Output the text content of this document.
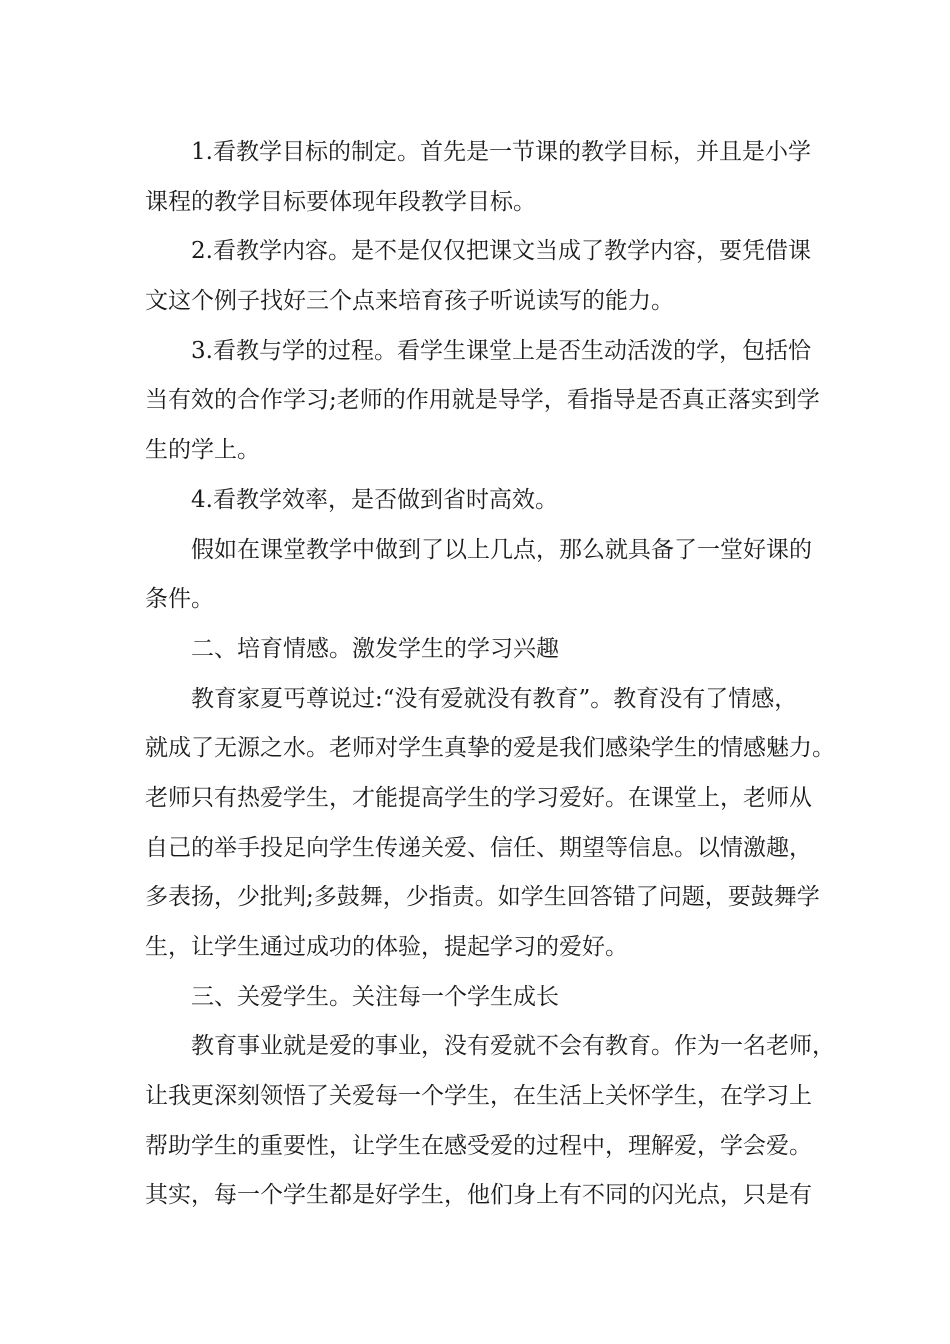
1.看教学目标的制定。首先是一节课的教学目标，并且是小学

课程的教学目标要体现年段教学目标。

2.看教学内容。是不是仅仅把课文当成了教学内容，要凭借课

文这个例子找好三个点来培育孩子听说读写的能力。

3.看教与学的过程。看学生课堂上是否生动活泼的学，包括恰

当有效的合作学习;老师的作用就是导学，看指导是否真正落实到学

生的学上。

4.看教学效率，是否做到省时高效。

假如在课堂教学中做到了以上几点，那么就具备了一堂好课的

条件。

二、培育情感。激发学生的学习兴趣

教育家夏丐尊说过:“没有爱就没有教育”。教育没有了情感，

就成了无源之水。老师对学生真挚的爱是我们感染学生的情感魅力。

老师只有热爱学生，才能提高学生的学习爱好。在课堂上，老师从

自己的举手投足向学生传递关爱、信任、期望等信息。以情激趣，

多表扬，少批判;多鼓舞，少指责。如学生回答错了问题，要鼓舞学

生，让学生通过成功的体验，提起学习的爱好。

三、关爱学生。关注每一个学生成长

教育事业就是爱的事业，没有爱就不会有教育。作为一名老师，

让我更深刻领悟了关爱每一个学生，在生活上关怀学生，在学习上

帮助学生的重要性，让学生在感受爱的过程中，理解爱，学会爱。

其实，每一个学生都是好学生，他们身上有不同的闪光点，只是有
